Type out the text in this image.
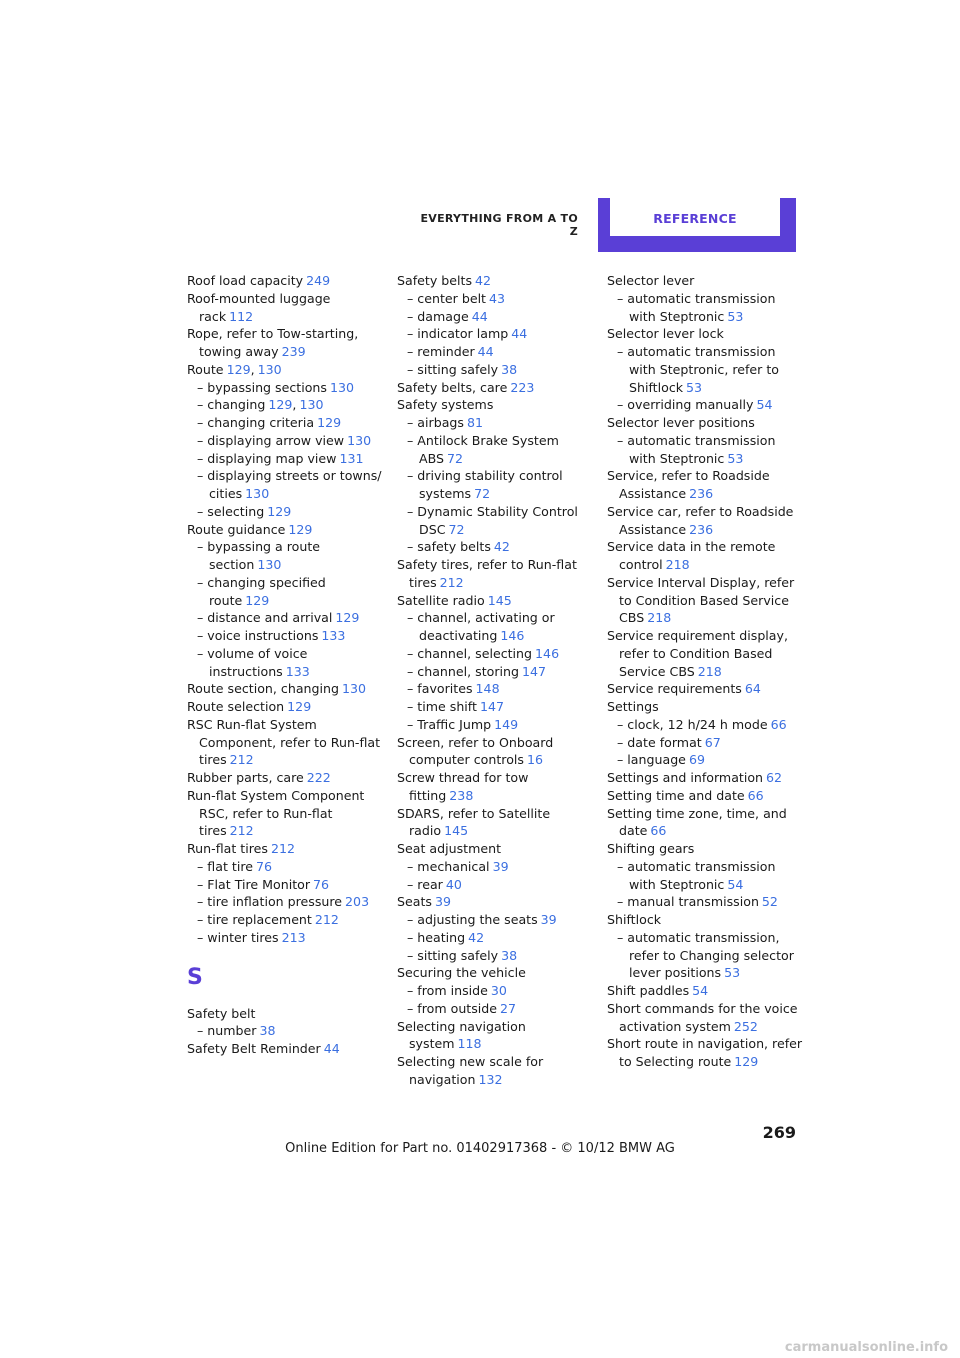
EVERYTHING FROM A TO Z
REFERENCE
Roof load capacity 249
Roof-mounted luggage rack 112
Rope, refer to Tow-starting, towing away 239
Route 129, 130
– bypassing sections 130
– changing 129, 130
– changing criteria 129
– displaying arrow view 130
– displaying map view 131
– displaying streets or towns/ cities 130
– selecting 129
Route guidance 129
– bypassing a route section 130
– changing specified route 129
– distance and arrival 129
– voice instructions 133
– volume of voice instructions 133
Route section, changing 130
Route selection 129
RSC Run-flat System Component, refer to Run-flat tires 212
Rubber parts, care 222
Run-flat System Component RSC, refer to Run-flat tires 212
Run-flat tires 212
– flat tire 76
– Flat Tire Monitor 76
– tire inflation pressure 203
– tire replacement 212
– winter tires 213
S
Safety belt
– number 38
Safety Belt Reminder 44
Safety belts 42
– center belt 43
– damage 44
– indicator lamp 44
– reminder 44
– sitting safely 38
Safety belts, care 223
Safety systems
– airbags 81
– Antilock Brake System ABS 72
– driving stability control systems 72
– Dynamic Stability Control DSC 72
– safety belts 42
Safety tires, refer to Run-flat tires 212
Satellite radio 145
– channel, activating or deactivating 146
– channel, selecting 146
– channel, storing 147
– favorites 148
– time shift 147
– Traffic Jump 149
Screen, refer to Onboard computer controls 16
Screw thread for tow fitting 238
SDARS, refer to Satellite radio 145
Seat adjustment
– mechanical 39
– rear 40
Seats 39
– adjusting the seats 39
– heating 42
– sitting safely 38
Securing the vehicle
– from inside 30
– from outside 27
Selecting navigation system 118
Selecting new scale for navigation 132
Selector lever
– automatic transmission with Steptronic 53
Selector lever lock
– automatic transmission with Steptronic, refer to Shiftlock 53
– overriding manually 54
Selector lever positions
– automatic transmission with Steptronic 53
Service, refer to Roadside Assistance 236
Service car, refer to Roadside Assistance 236
Service data in the remote control 218
Service Interval Display, refer to Condition Based Service CBS 218
Service requirement display, refer to Condition Based Service CBS 218
Service requirements 64
Settings
– clock, 12 h/24 h mode 66
– date format 67
– language 69
Settings and information 62
Setting time and date 66
Setting time zone, time, and date 66
Shifting gears
– automatic transmission with Steptronic 54
– manual transmission 52
Shiftlock
– automatic transmission, refer to Changing selector lever positions 53
Shift paddles 54
Short commands for the voice activation system 252
Short route in navigation, refer to Selecting route 129
269
Online Edition for Part no. 01402917368 - © 10/12 BMW AG
carmanualsonline.info
